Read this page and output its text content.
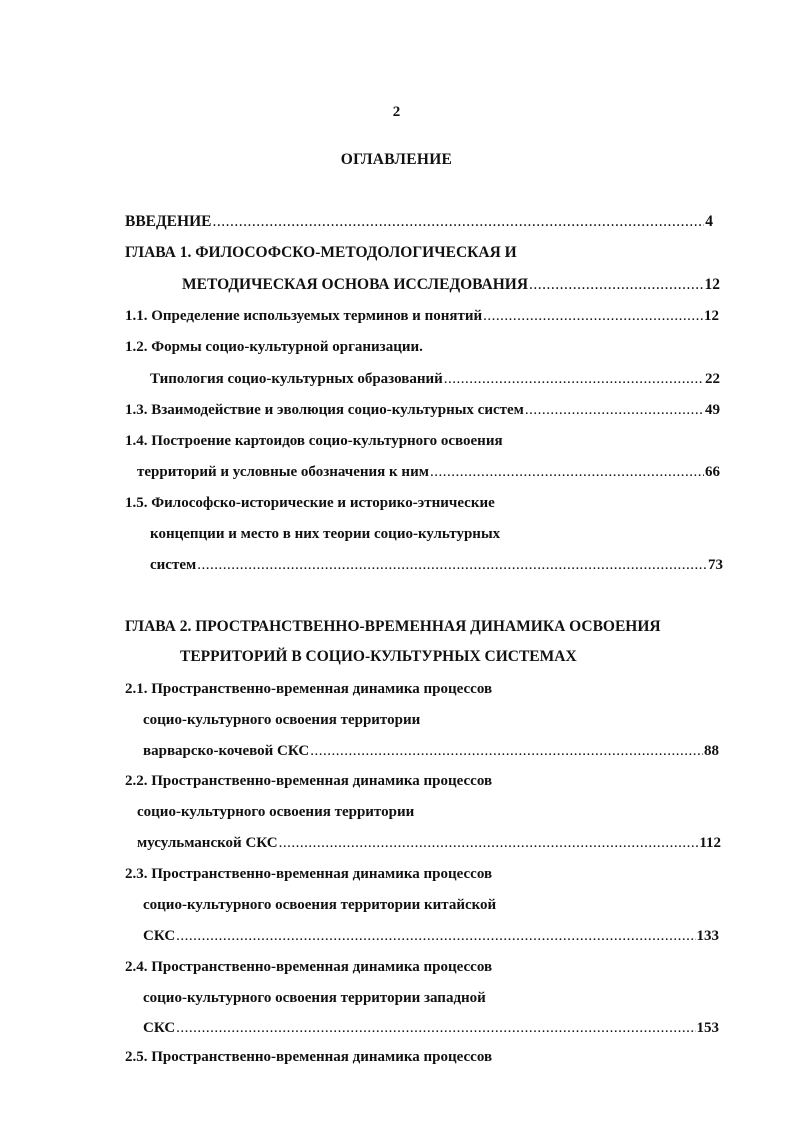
2
ОГЛАВЛЕНИЕ
ВВЕДЕНИЕ .....	4
ГЛАВА 1. ФИЛОСОФСКО-МЕТОДОЛОГИЧЕСКАЯ И
МЕТОДИЧЕСКАЯ ОСНОВА ИССЛЕДОВАНИЯ .....	12
1.1. Определение используемых терминов и понятий .....	12
1.2. Формы социо-культурной организации.
Типология социо-культурных образований .....	22
1.3. Взаимодействие и эволюция социо-культурных систем .....	49
1.4. Построение картоидов социо-культурного освоения
территорий и условные обозначения к ним .....	66
1.5. Философско-исторические и историко-этнические
концепции и место в них теории социо-культурных
систем .....	73
ГЛАВА 2. ПРОСТРАНСТВЕННО-ВРЕМЕННАЯ ДИНАМИКА ОСВОЕНИЯ
ТЕРРИТОРИЙ В СОЦИО-КУЛЬТУРНЫХ СИСТЕМАХ
2.1. Пространственно-временная динамика процессов
социо-культурного освоения территории
варварско-кочевой СКС .....	88
2.2. Пространственно-временная динамика процессов
социо-культурного освоения территории
мусульманской СКС .....	112
2.3. Пространственно-временная динамика процессов
социо-культурного освоения территории китайской
СКС .....	133
2.4. Пространственно-временная динамика процессов
социо-культурного освоения территории западной
СКС .....	153
2.5. Пространственно-временная динамика процессов
